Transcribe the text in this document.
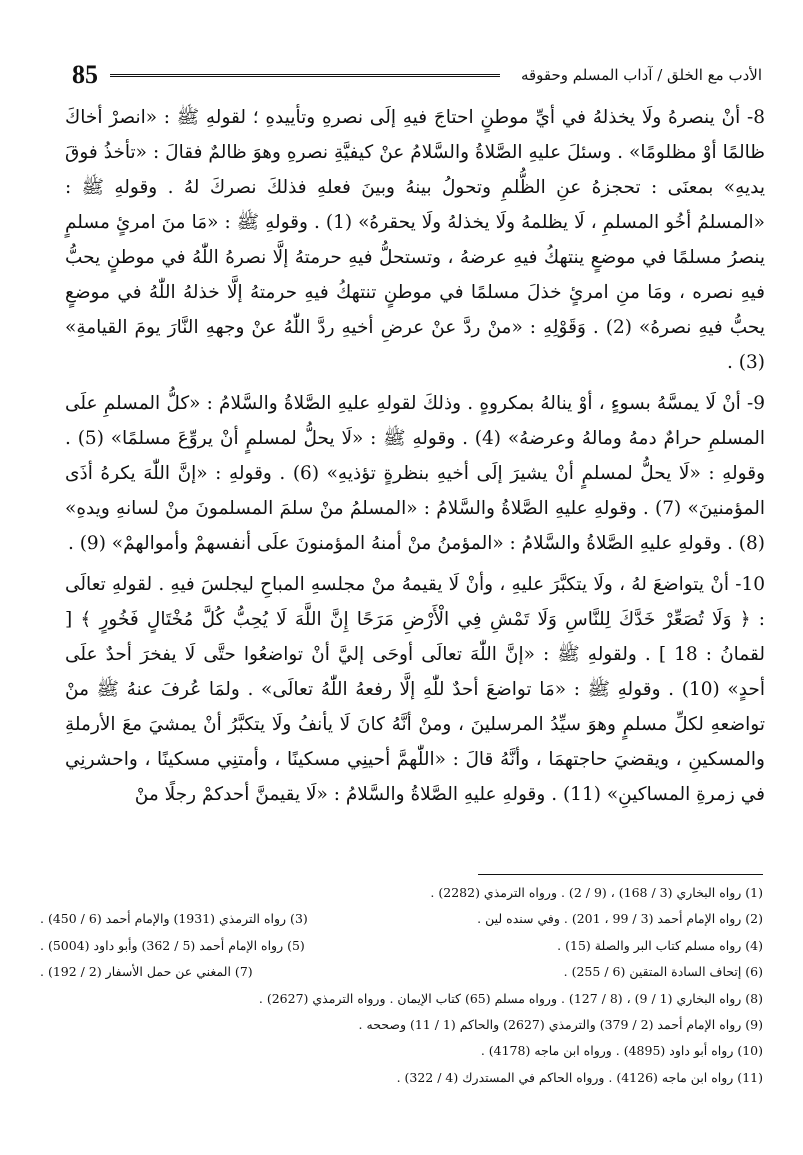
85	الأدب مع الخلق / آداب المسلم وحقوقه

8- أنْ ينصرهُ ولَا يخذلهُ في أيِّ موطنٍ احتاجَ فيهِ إلَى نصرهِ وتأييدهِ ؛ لقولهِ ﷺ : «انصرْ أخاكَ ظالمًا أوْ مظلومًا» . وسئلَ عليهِ الصَّلاةُ والسَّلامُ عنْ كيفيَّةِ نصرهِ وهوَ ظالمٌ فقالَ : «تأخذُ فوقَ يديهِ» بمعنَى : تحجزهُ عنِ الظُّلمِ وتحولُ بينهُ وبينَ فعلهِ فذلكَ نصركَ لهُ . وقولهِ ﷺ : «المسلمُ أخُو المسلمِ ، لَا يظلمهُ ولَا يخذلهُ ولَا يحقرهُ» (1) . وقولهِ ﷺ : «مَا منَ امرئٍ مسلمٍ ينصرُ مسلمًا في موضعٍ ينتهكُ فيهِ عرضهُ ، وتستحلُّ فيهِ حرمتهُ إلَّا نصرهُ اللّٰهُ في موطنٍ يحبُّ فيهِ نصره ، ومَا منِ امرئٍ خذلَ مسلمًا في موطنٍ تنتهكُ فيهِ حرمتهُ إلَّا خذلهُ اللّٰهُ في موضعٍ يحبُّ فيهِ نصرهُ» (2) . وَقَوْلِهِ : «منْ ردَّ عنْ عرضِ أخيهِ ردَّ اللّٰهُ عنْ وجههِ النَّارَ يومَ القيامةِ» (3) .

9- أنْ لَا يمسَّهُ بسوءٍ ، أوْ ينالهُ بمكروهٍ . وذلكَ لقولهِ عليهِ الصَّلاةُ والسَّلامُ : «كلُّ المسلمِ علَى المسلمِ حرامٌ دمهُ ومالهُ وعرضهُ» (4) . وقولهِ ﷺ : «لَا يحلُّ لمسلمٍ أنْ يروِّعَ مسلمًا» (5) . وقولهِ : «لَا يحلُّ لمسلمٍ أنْ يشيرَ إلَى أخيهِ بنظرةٍ تؤذيهِ» (6) . وقولهِ : «إنَّ اللّٰهَ يكرهُ أذَى المؤمنينَ» (7) . وقولهِ عليهِ الصَّلاةُ والسَّلامُ : «المسلمُ منْ سلمَ المسلمونَ منْ لسانهِ ويدهِ» (8) . وقولهِ عليهِ الصَّلاةُ والسَّلامُ : «المؤمنُ منْ أمنهُ المؤمنونَ علَى أنفسهمْ وأموالهمْ» (9) .

10- أنْ يتواضعَ لهُ ، ولَا يتكبَّرَ عليهِ ، وأنْ لَا يقيمهُ منْ مجلسهِ المباحِ ليجلسَ فيهِ . لقولهِ تعالَى : ﴿ وَلَا تُصَعِّرْ خَدَّكَ لِلنَّاسِ وَلَا تَمْشِ فِي الْأَرْضِ مَرَحًا إِنَّ اللَّهَ لَا يُحِبُّ كُلَّ مُخْتَالٍ فَخُورٍ ﴾ [ لقمانُ : 18 ] . ولقولهِ ﷺ : «إنَّ اللّٰهَ تعالَى أوحَى إليَّ أنْ تواضعُوا حتَّى لَا يفخرَ أحدٌ علَى أحدٍ» (10) . وقولهِ ﷺ : «مَا تواضعَ أحدٌ للّٰهِ إلَّا رفعهُ اللّٰهُ تعالَى» . ولمَا عُرفَ عنهُ ﷺ منْ تواضعهِ لكلِّ مسلمٍ وهوَ سيِّدُ المرسلينَ ، ومنْ أنَّهُ كانَ لَا يأنفُ ولَا يتكبَّرُ أنْ يمشيَ معَ الأرملةِ والمسكينِ ، ويقضيَ حاجتهمَا ، وأنَّهُ قالَ : «اللّٰهمَّ أحينِي مسكينًا ، وأمتنِي مسكينًا ، واحشرنِي في زمرةِ المساكينِ» (11) . وقولهِ عليهِ الصَّلاةُ والسَّلامُ : «لَا يقيمنَّ أحدكمْ رجلًا منْ

(1) رواه البخاري (3 / 168) ، (9 / 2) . ورواه الترمذي (2282) .
(2) رواه الإمام أحمد (3 / 99 ، 201) . وفي سنده لين .
(3) رواه الترمذي (1931) والإمام أحمد (6 / 450) .
(4) رواه مسلم كتاب البر والصلة (15) .
(5) رواه الإمام أحمد (5 / 362) وأبو داود (5004) .
(6) إتحاف السادة المتقين (6 / 255) .
(7) المغني عن حمل الأسفار (2 / 192) .
(8) رواه البخاري (1 / 9) ، (8 / 127) . ورواه مسلم (65) كتاب الإيمان . ورواه الترمذي (2627) .
(9) رواه الإمام أحمد (2 / 379) والترمذي (2627) والحاكم (1 / 11) وصححه .
(10) رواه أبو داود (4895) . ورواه ابن ماجه (4178) .
(11) رواه ابن ماجه (4126) . ورواه الحاكم في المستدرك (4 / 322) .
